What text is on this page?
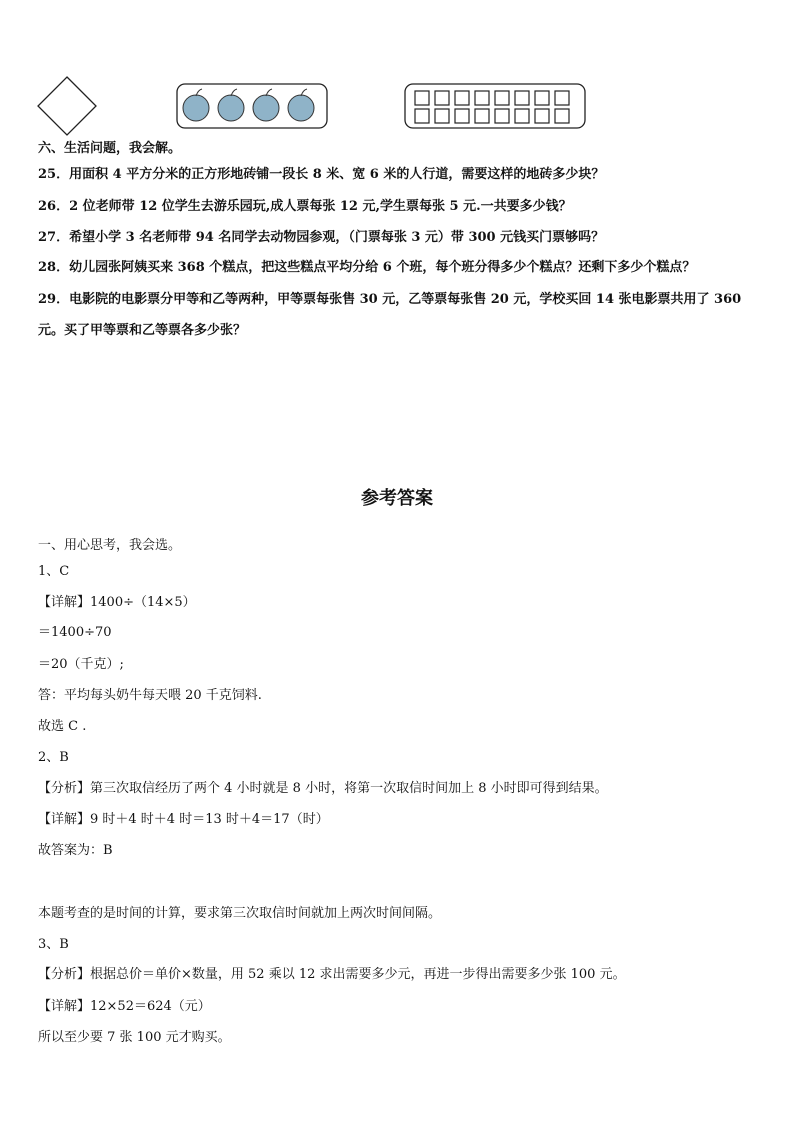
六、生活问题，我会解。
25．用面积 4 平方分米的正方形地砖铺一段长 8 米、宽 6 米的人行道，需要这样的地砖多少块？
26．2 位老师带 12 位学生去游乐园玩,成人票每张 12 元,学生票每张 5 元.一共要多少钱？
27．希望小学 3 名老师带 94 名同学去动物园参观，（门票每张 3 元）带 300 元钱买门票够吗？
28．幼儿园张阿姨买来 368 个糕点，把这些糕点平均分给 6 个班，每个班分得多少个糕点？还剩下多少个糕点？
29．电影院的电影票分甲等和乙等两种，甲等票每张售 30 元，乙等票每张售 20 元，学校买回 14 张电影票共用了 360
元。买了甲等票和乙等票各多少张？
参考答案
一、用心思考，我会选。
1、C
【详解】1400÷（14×5）
＝1400÷70
＝20（千克）;
答：平均每头奶牛每天喂 20 千克饲料.
故选 C .
2、B
【分析】第三次取信经历了两个 4 小时就是 8 小时，将第一次取信时间加上 8 小时即可得到结果。
【详解】9 时＋4 时＋4 时＝13 时＋4＝17（时）
故答案为：B
本题考查的是时间的计算，要求第三次取信时间就加上两次时间间隔。
3、B
【分析】根据总价＝单价×数量，用 52 乘以 12 求出需要多少元，再进一步得出需要多少张 100 元。
【详解】12×52＝624（元）
所以至少要 7 张 100 元才购买。
